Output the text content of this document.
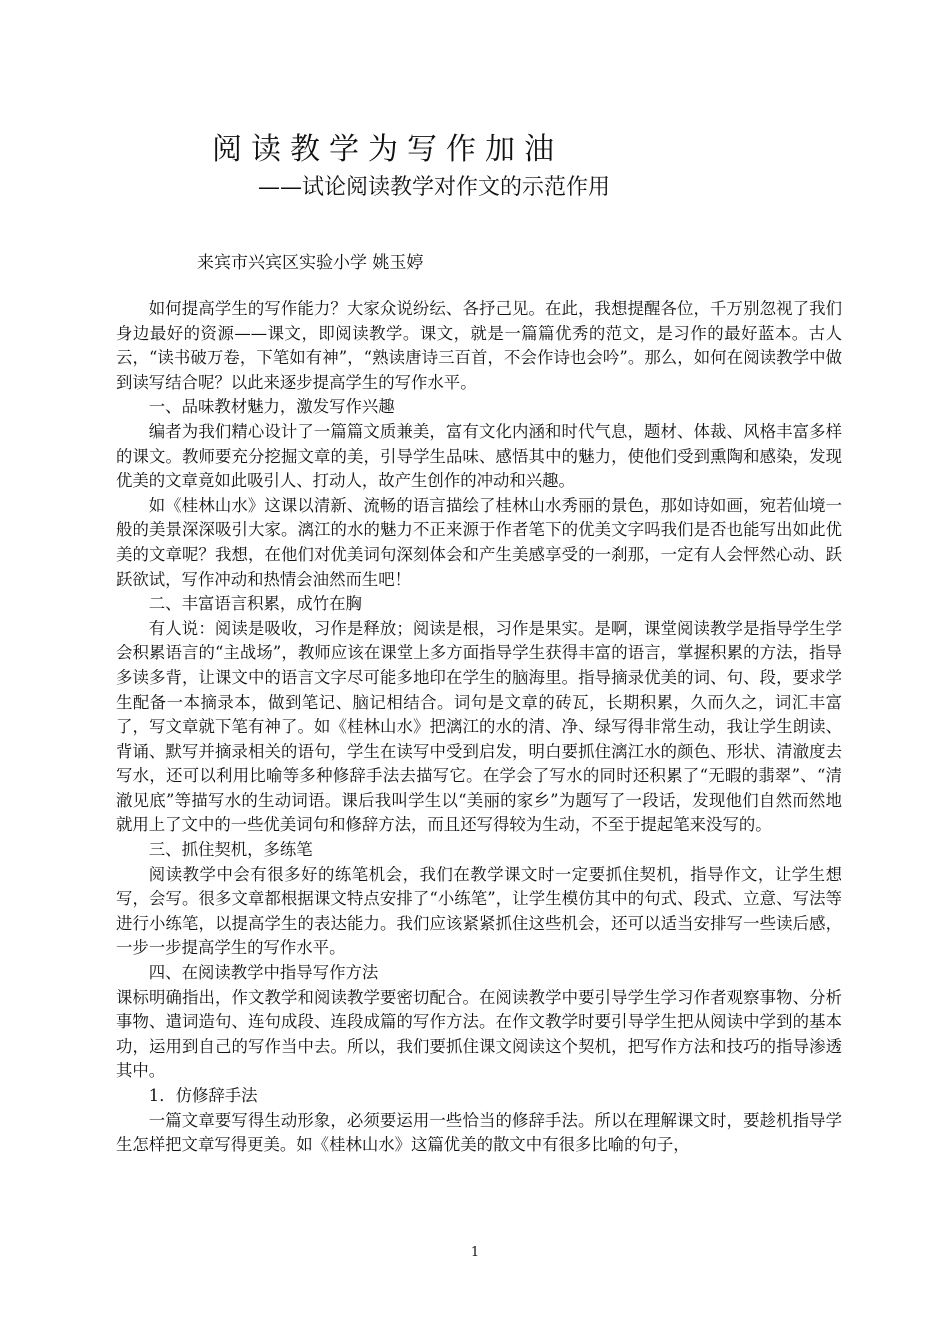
阅读教学为写作加油
——试论阅读教学对作文的示范作用
来宾市兴宾区实验小学 姚玉婷

如何提高学生的写作能力？大家众说纷纭、各抒己见。在此，我想提醒各位，千万别忽视了我们身边最好的资源——课文，即阅读教学。课文，就是一篇篇优秀的范文，是习作的最好蓝本。古人云，“读书破万卷，下笔如有神”，“熟读唐诗三百首，不会作诗也会吟”。那么，如何在阅读教学中做到读写结合呢？以此来逐步提高学生的写作水平。

一、品味教材魅力，激发写作兴趣

编者为我们精心设计了一篇篇文质兼美，富有文化内涵和时代气息，题材、体裁、风格丰富多样的课文。教师要充分挖掘文章的美，引导学生品味、感悟其中的魅力，使他们受到熏陶和感染，发现优美的文章竟如此吸引人、打动人，故产生创作的冲动和兴趣。

如《桂林山水》这课以清新、流畅的语言描绘了桂林山水秀丽的景色，那如诗如画，宛若仙境一般的美景深深吸引大家。漓江的水的魅力不正来源于作者笔下的优美文字吗我们是否也能写出如此优美的文章呢？我想，在他们对优美词句深刻体会和产生美感享受的一刹那，一定有人会怦然心动、跃跃欲试，写作冲动和热情会油然而生吧！

二、丰富语言积累，成竹在胸

有人说：阅读是吸收，习作是释放；阅读是根，习作是果实。是啊，课堂阅读教学是指导学生学会积累语言的“主战场”，教师应该在课堂上多方面指导学生获得丰富的语言，掌握积累的方法，指导多读多背，让课文中的语言文字尽可能多地印在学生的脑海里。指导摘录优美的词、句、段，要求学生配备一本摘录本，做到笔记、脑记相结合。词句是文章的砖瓦，长期积累，久而久之，词汇丰富了，写文章就下笔有神了。如《桂林山水》把漓江的水的清、净、绿写得非常生动，我让学生朗读、背诵、默写并摘录相关的语句，学生在读写中受到启发，明白要抓住漓江水的颜色、形状、清澈度去写水，还可以利用比喻等多种修辞手法去描写它。在学会了写水的同时还积累了“无暇的翡翠”、“清澈见底”等描写水的生动词语。课后我叫学生以“美丽的家乡”为题写了一段话，发现他们自然而然地就用上了文中的一些优美词句和修辞方法，而且还写得较为生动，不至于提起笔来没写的。

三、抓住契机，多练笔

阅读教学中会有很多好的练笔机会，我们在教学课文时一定要抓住契机，指导作文，让学生想写，会写。很多文章都根据课文特点安排了“小练笔”，让学生模仿其中的句式、段式、立意、写法等进行小练笔，以提高学生的表达能力。我们应该紧紧抓住这些机会，还可以适当安排写一些读后感，一步一步提高学生的写作水平。

四、在阅读教学中指导写作方法

课标明确指出，作文教学和阅读教学要密切配合。在阅读教学中要引导学生学习作者观察事物、分析事物、遣词造句、连句成段、连段成篇的写作方法。在作文教学时要引导学生把从阅读中学到的基本功，运用到自己的写作当中去。所以，我们要抓住课文阅读这个契机，把写作方法和技巧的指导渗透其中。

1．仿修辞手法

一篇文章要写得生动形象，必须要运用一些恰当的修辞手法。所以在理解课文时，要趁机指导学生怎样把文章写得更美。如《桂林山水》这篇优美的散文中有很多比喻的句子，

1
